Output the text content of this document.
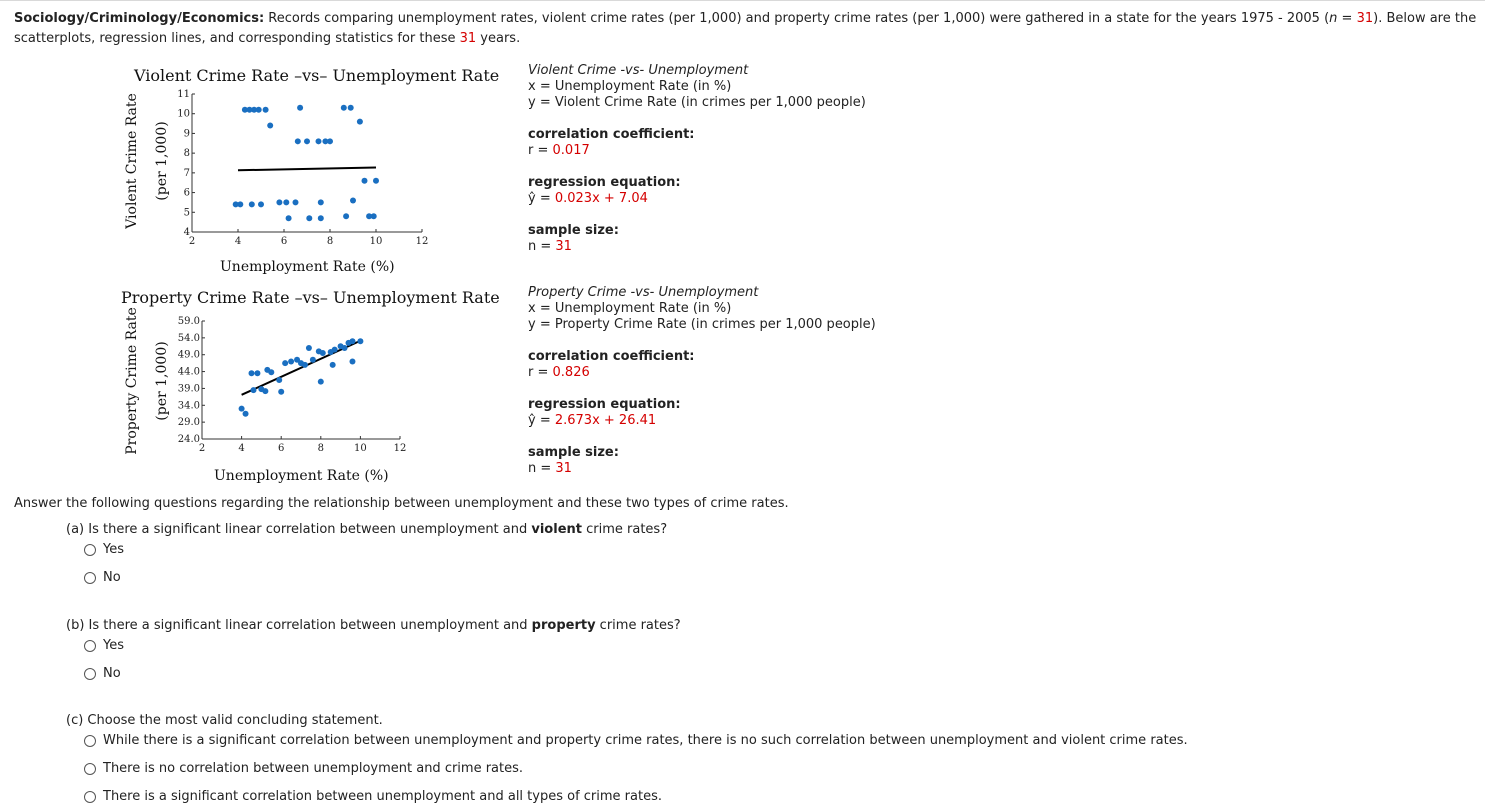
Sociology/Criminology/Economics: Records comparing unemployment rates, violent crime rates (per 1,000) and property crime rates (per 1,000) were gathered in a state for the years 1975 - 2005 (n = 31). Below are the scatterplots, regression lines, and corresponding statistics for these 31 years.
Violent Crime Rate –vs– Unemployment Rate
Violent Crime Rate (per 1,000)
2	4	6	8	10	12
4
5
6
7
8
9
10
11
Unemployment Rate (%)
Violent Crime -vs- Unemployment
x = Unemployment Rate (in %)
y = Violent Crime Rate (in crimes per 1,000 people)
correlation coefficient:
r = 0.017
regression equation:
ŷ = 0.023x + 7.04
sample size:
n = 31
Property Crime Rate –vs– Unemployment Rate
Property Crime Rate (per 1,000)
2	4	6	8	10	12
24.0
29.0
34.0
39.0
44.0
49.0
54.0
59.0
Unemployment Rate (%)
Property Crime -vs- Unemployment
x = Unemployment Rate (in %)
y = Property Crime Rate (in crimes per 1,000 people)
correlation coefficient:
r = 0.826
regression equation:
ŷ = 2.673x + 26.41
sample size:
n = 31
Answer the following questions regarding the relationship between unemployment and these two types of crime rates.
(a) Is there a significant linear correlation between unemployment and violent crime rates?
Yes
No
(b) Is there a significant linear correlation between unemployment and property crime rates?
Yes
No
(c) Choose the most valid concluding statement.
While there is a significant correlation between unemployment and property crime rates, there is no such correlation between unemployment and violent crime rates.
There is no correlation between unemployment and crime rates.
There is a significant correlation between unemployment and all types of crime rates.
